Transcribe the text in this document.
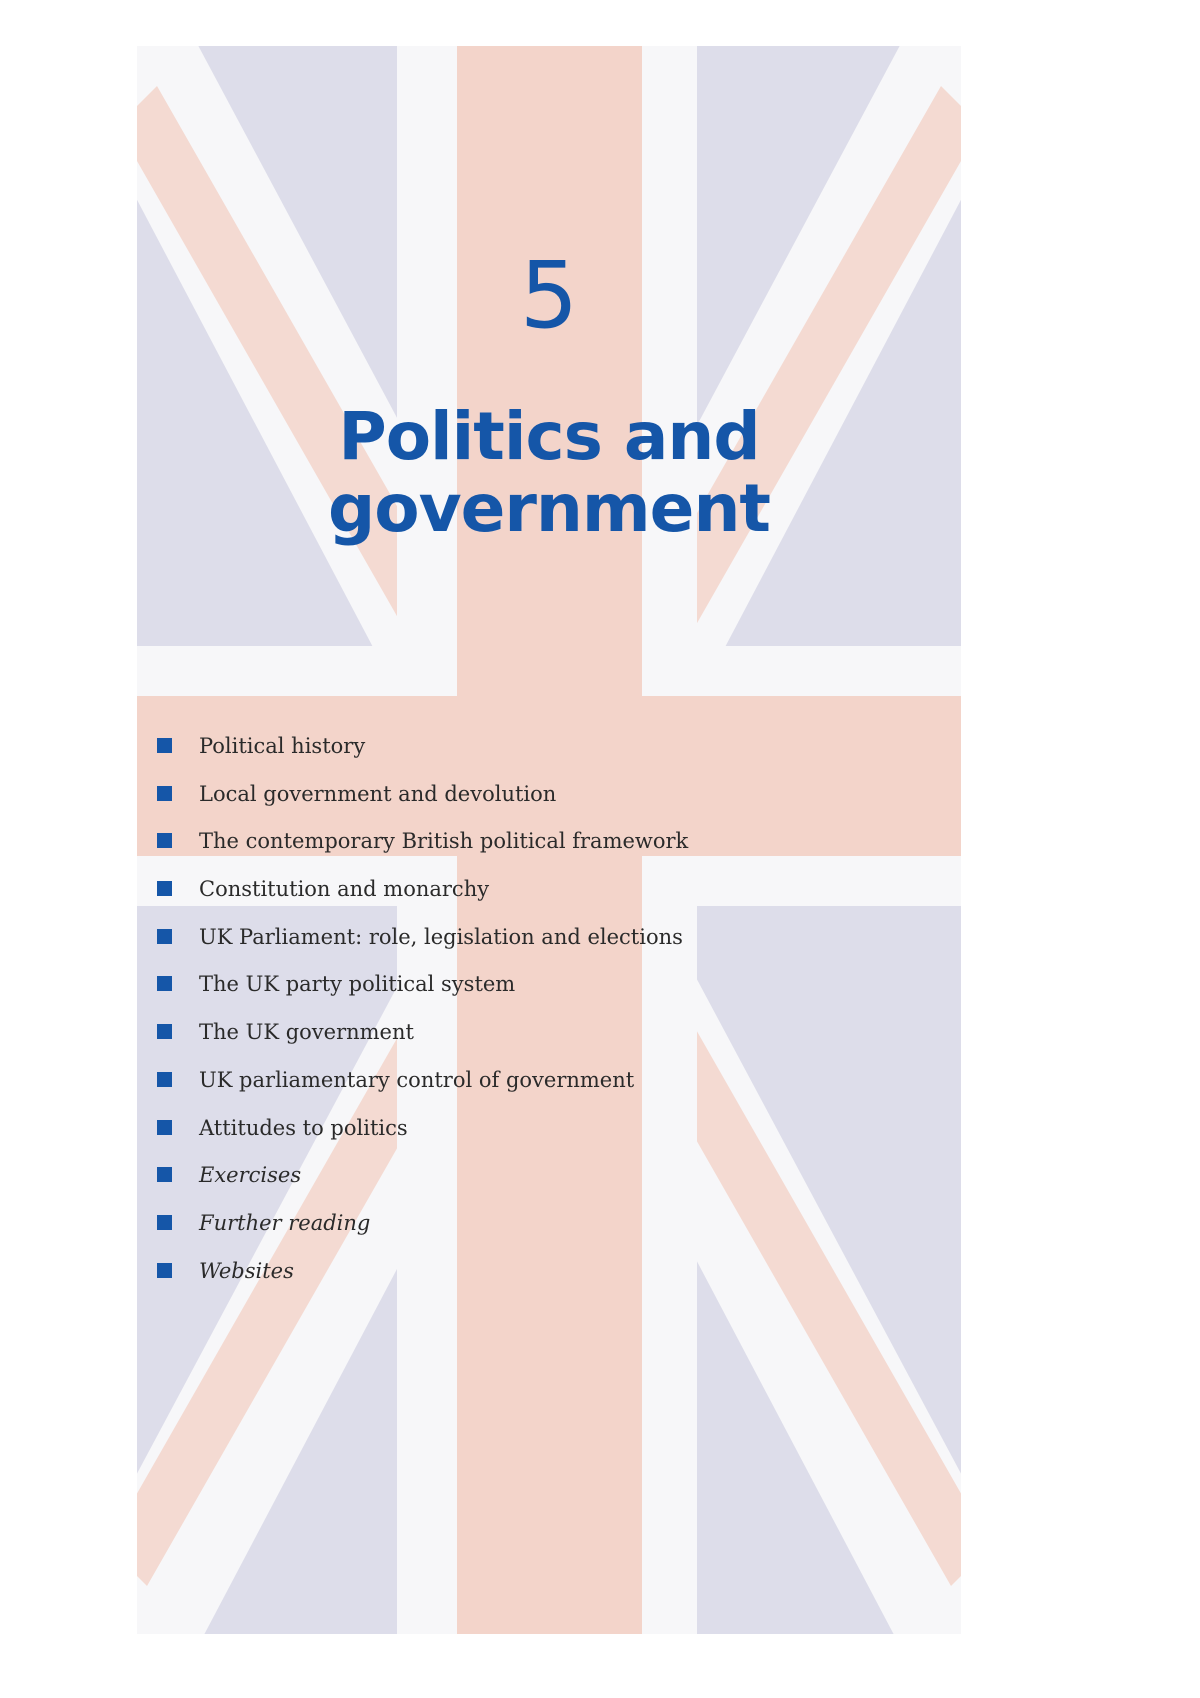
5
Politics and
government
Political history
Local government and devolution
The contemporary British political framework
Constitution and monarchy
UK Parliament: role, legislation and elections
The UK party political system
The UK government
UK parliamentary control of government
Attitudes to politics
Exercises
Further reading
Websites
